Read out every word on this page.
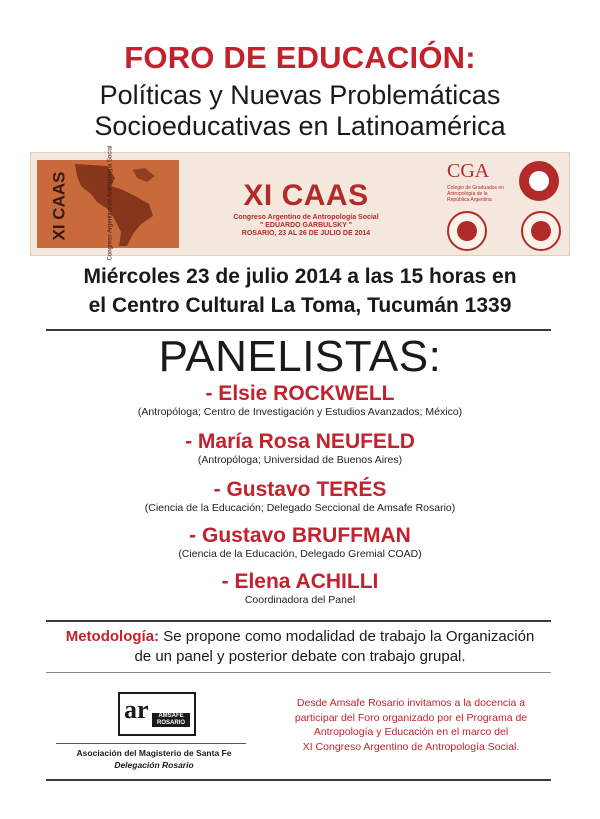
FORO DE EDUCACIÓN:
Políticas y Nuevas Problemáticas
Socioeducativas en Latinoamérica
XI CAAS	Congreso Argentino de Antropología Social	XI CAAS
Congreso Argentino de Antropología Social
" EDUARDO GARBULSKY "
ROSARIO, 23 AL 26 DE JULIO DE 2014
CGA
Colegio de Graduados en Antropología de la República Argentina
Miércoles 23 de julio 2014 a las 15 horas en
el Centro Cultural La Toma, Tucumán 1339
PANELISTAS:
- Elsie ROCKWELL
(Antropóloga; Centro de Investigación y Estudios Avanzados; México)
- María Rosa NEUFELD
(Antropóloga; Universidad de Buenos Aires)
- Gustavo TERÉS
(Ciencia de la Educación; Delegado Seccional de Amsafe Rosario)
- Gustavo BRUFFMAN
(Ciencia de la Educación, Delegado Gremial COAD)
- Elena ACHILLI
Coordinadora del Panel
Metodología: Se propone como modalidad de trabajo la Organización
de un panel y posterior debate con trabajo grupal.
ar	AMSAFE ROSARIO
Asociación del Magisterio de Santa Fe
Delegación Rosario
Desde Amsafe Rosario invitamos a la docencia a
participar del Foro organizado por el Programa de
Antropología y Educación en el marco del
XI Congreso Argentino de Antropología Social.
